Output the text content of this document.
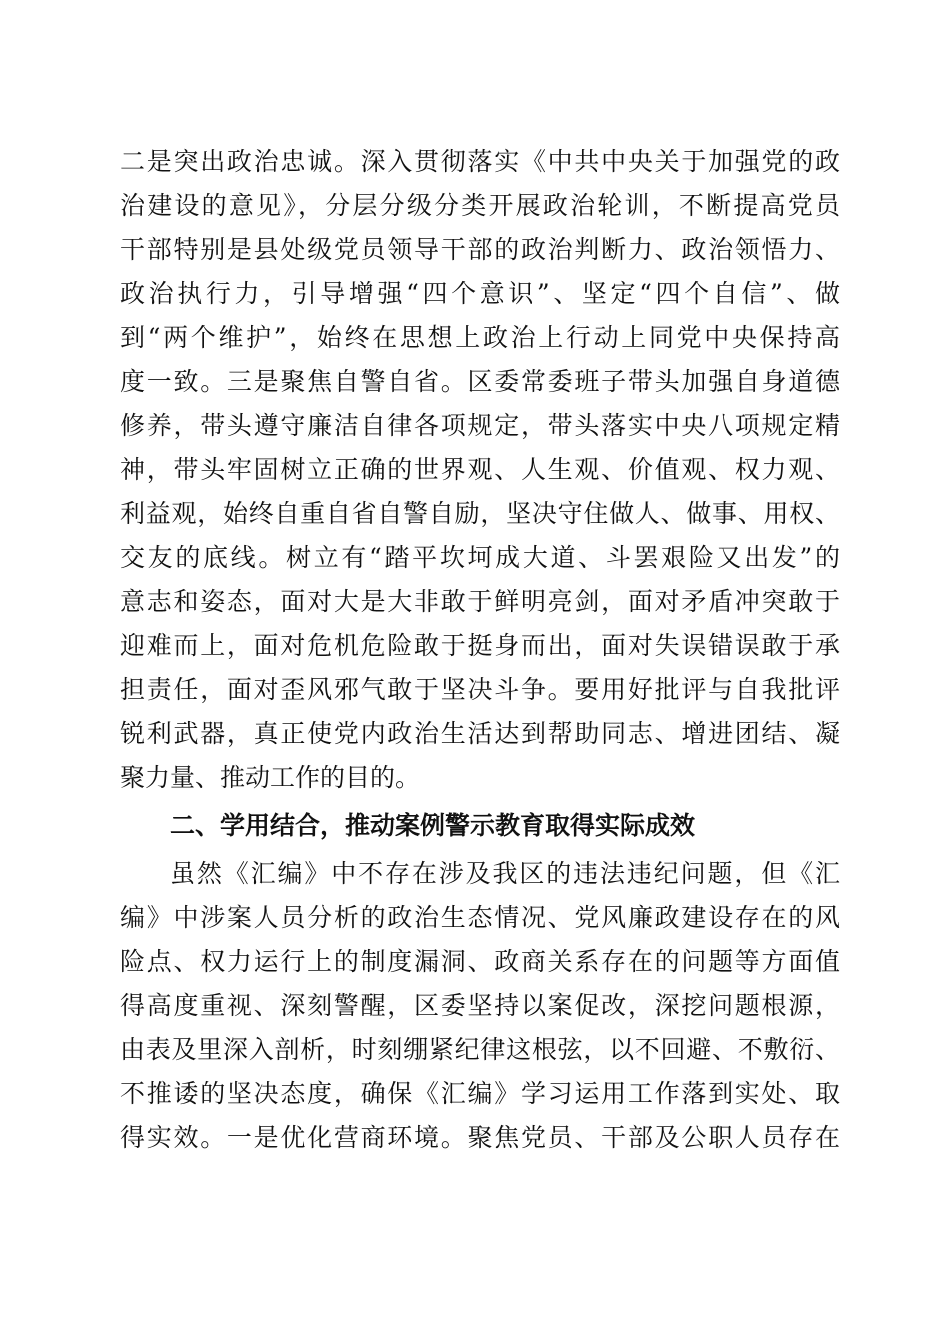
二是突出政治忠诚。深入贯彻落实《中共中央关于加强党的政
治建设的意见》，分层分级分类开展政治轮训，不断提高党员
干部特别是县处级党员领导干部的政治判断力、政治领悟力、
政治执行力，引导增强“四个意识”、坚定“四个自信”、做
到“两个维护”，始终在思想上政治上行动上同党中央保持高
度一致。三是聚焦自警自省。区委常委班子带头加强自身道德
修养，带头遵守廉洁自律各项规定，带头落实中央八项规定精
神，带头牢固树立正确的世界观、人生观、价值观、权力观、
利益观，始终自重自省自警自励，坚决守住做人、做事、用权、
交友的底线。树立有“踏平坎坷成大道、斗罢艰险又出发”的
意志和姿态，面对大是大非敢于鲜明亮剑，面对矛盾冲突敢于
迎难而上，面对危机危险敢于挺身而出，面对失误错误敢于承
担责任，面对歪风邪气敢于坚决斗争。要用好批评与自我批评
锐利武器，真正使党内政治生活达到帮助同志、增进团结、凝
聚力量、推动工作的目的。
二、学用结合，推动案例警示教育取得实际成效
虽然《汇编》中不存在涉及我区的违法违纪问题，但《汇
编》中涉案人员分析的政治生态情况、党风廉政建设存在的风
险点、权力运行上的制度漏洞、政商关系存在的问题等方面值
得高度重视、深刻警醒，区委坚持以案促改，深挖问题根源，
由表及里深入剖析，时刻绷紧纪律这根弦，以不回避、不敷衍、
不推诿的坚决态度，确保《汇编》学习运用工作落到实处、取
得实效。一是优化营商环境。聚焦党员、干部及公职人员存在
